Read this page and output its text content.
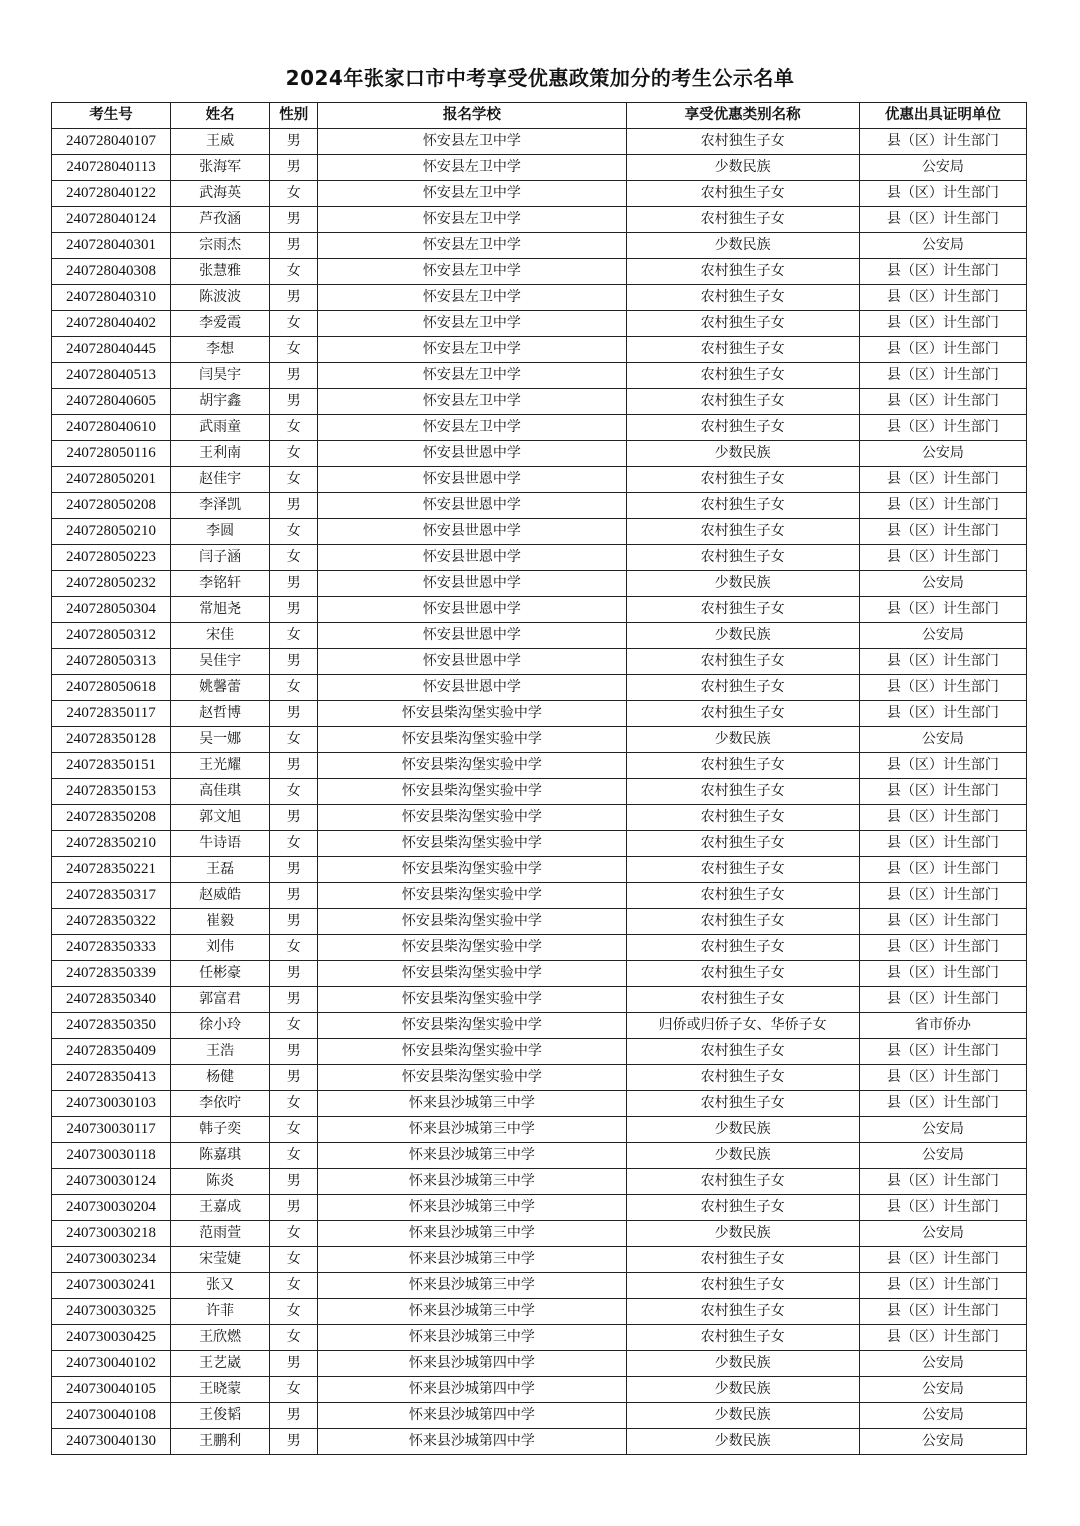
2024年张家口市中考享受优惠政策加分的考生公示名单
考生号	姓名	性别	报名学校	享受优惠类别名称	优惠出具证明单位
240728040107	王威	男	怀安县左卫中学	农村独生子女	县（区）计生部门
240728040113	张海军	男	怀安县左卫中学	少数民族	公安局
240728040122	武海英	女	怀安县左卫中学	农村独生子女	县（区）计生部门
240728040124	芦孜涵	男	怀安县左卫中学	农村独生子女	县（区）计生部门
240728040301	宗雨杰	男	怀安县左卫中学	少数民族	公安局
240728040308	张慧雅	女	怀安县左卫中学	农村独生子女	县（区）计生部门
240728040310	陈波波	男	怀安县左卫中学	农村独生子女	县（区）计生部门
240728040402	李爱霞	女	怀安县左卫中学	农村独生子女	县（区）计生部门
240728040445	李想	女	怀安县左卫中学	农村独生子女	县（区）计生部门
240728040513	闫昊宇	男	怀安县左卫中学	农村独生子女	县（区）计生部门
240728040605	胡宇鑫	男	怀安县左卫中学	农村独生子女	县（区）计生部门
240728040610	武雨童	女	怀安县左卫中学	农村独生子女	县（区）计生部门
240728050116	王利南	女	怀安县世恩中学	少数民族	公安局
240728050201	赵佳宇	女	怀安县世恩中学	农村独生子女	县（区）计生部门
240728050208	李泽凯	男	怀安县世恩中学	农村独生子女	县（区）计生部门
240728050210	李圆	女	怀安县世恩中学	农村独生子女	县（区）计生部门
240728050223	闫子涵	女	怀安县世恩中学	农村独生子女	县（区）计生部门
240728050232	李铭轩	男	怀安县世恩中学	少数民族	公安局
240728050304	常旭尧	男	怀安县世恩中学	农村独生子女	县（区）计生部门
240728050312	宋佳	女	怀安县世恩中学	少数民族	公安局
240728050313	吴佳宇	男	怀安县世恩中学	农村独生子女	县（区）计生部门
240728050618	姚馨蕾	女	怀安县世恩中学	农村独生子女	县（区）计生部门
240728350117	赵哲博	男	怀安县柴沟堡实验中学	农村独生子女	县（区）计生部门
240728350128	吴一娜	女	怀安县柴沟堡实验中学	少数民族	公安局
240728350151	王光耀	男	怀安县柴沟堡实验中学	农村独生子女	县（区）计生部门
240728350153	高佳琪	女	怀安县柴沟堡实验中学	农村独生子女	县（区）计生部门
240728350208	郭文旭	男	怀安县柴沟堡实验中学	农村独生子女	县（区）计生部门
240728350210	牛诗语	女	怀安县柴沟堡实验中学	农村独生子女	县（区）计生部门
240728350221	王磊	男	怀安县柴沟堡实验中学	农村独生子女	县（区）计生部门
240728350317	赵威皓	男	怀安县柴沟堡实验中学	农村独生子女	县（区）计生部门
240728350322	崔毅	男	怀安县柴沟堡实验中学	农村独生子女	县（区）计生部门
240728350333	刘伟	女	怀安县柴沟堡实验中学	农村独生子女	县（区）计生部门
240728350339	任彬豪	男	怀安县柴沟堡实验中学	农村独生子女	县（区）计生部门
240728350340	郭富君	男	怀安县柴沟堡实验中学	农村独生子女	县（区）计生部门
240728350350	徐小玲	女	怀安县柴沟堡实验中学	归侨或归侨子女、华侨子女	省市侨办
240728350409	王浩	男	怀安县柴沟堡实验中学	农村独生子女	县（区）计生部门
240728350413	杨健	男	怀安县柴沟堡实验中学	农村独生子女	县（区）计生部门
240730030103	李依咛	女	怀来县沙城第三中学	农村独生子女	县（区）计生部门
240730030117	韩子奕	女	怀来县沙城第三中学	少数民族	公安局
240730030118	陈嘉琪	女	怀来县沙城第三中学	少数民族	公安局
240730030124	陈炎	男	怀来县沙城第三中学	农村独生子女	县（区）计生部门
240730030204	王嘉成	男	怀来县沙城第三中学	农村独生子女	县（区）计生部门
240730030218	范雨萱	女	怀来县沙城第三中学	少数民族	公安局
240730030234	宋莹婕	女	怀来县沙城第三中学	农村独生子女	县（区）计生部门
240730030241	张又	女	怀来县沙城第三中学	农村独生子女	县（区）计生部门
240730030325	许菲	女	怀来县沙城第三中学	农村独生子女	县（区）计生部门
240730030425	王欣燃	女	怀来县沙城第三中学	农村独生子女	县（区）计生部门
240730040102	王艺崴	男	怀来县沙城第四中学	少数民族	公安局
240730040105	王晓蒙	女	怀来县沙城第四中学	少数民族	公安局
240730040108	王俊韬	男	怀来县沙城第四中学	少数民族	公安局
240730040130	王鹏利	男	怀来县沙城第四中学	少数民族	公安局
